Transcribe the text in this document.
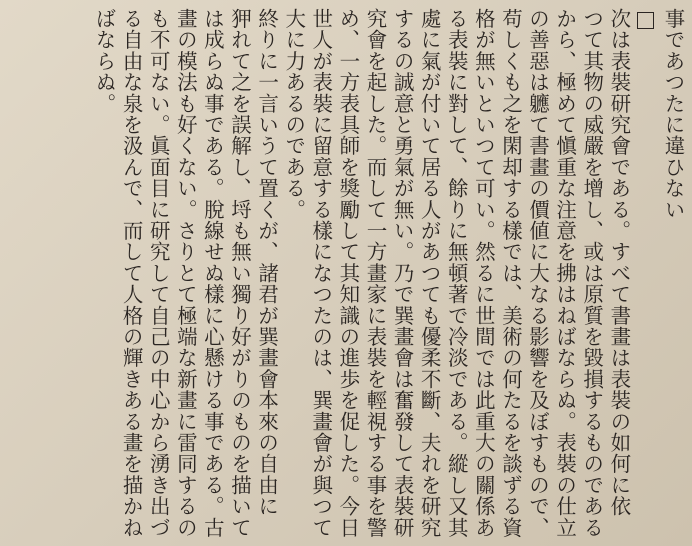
事であつたに違ひない
次は表裝研究會である。すべて書畫は表裝の如何に依
つて其物の威嚴を增し、或は原質を毀損するものである
から、極めて愼重な注意を拂はねばならぬ。表裝の仕立
の善惡は軈て書畫の價値に大なる影響を及ぼすもので、
苟しくも之を閑却する樣では、美術の何たるを談ずる資
格が無いといつて可い。然るに世間では此重大の關係あ
る表裝に對して、餘りに無頓著で冷淡である。縱し又其
處に氣が付いて居る人があつても優柔不斷、夫れを研究
するの誠意と勇氣が無い。乃で巽畫會は奮發して表裝研
究會を起した。而して一方畫家に表裝を輕視する事を警
め、一方表具師を獎勵して其知識の進歩を促した。今日
世人が表裝に留意する樣になつたのは、巽畫會が與つて
大に力あるのである。
終りに一言いうて置くが、諸君が巽畫會本來の自由に
狎れて之を誤解し、埒も無い獨り好がりのものを描いて
は成らぬ事である。脫線せぬ樣に心懸ける事である。古
畫の模法も好くない。さりとて極端な新畫に雷同するの
も不可ない。眞面目に研究して自己の中心から湧き出づ
る自由な泉を汲んで、而して人格の輝きある畫を描かね
ばならぬ。
